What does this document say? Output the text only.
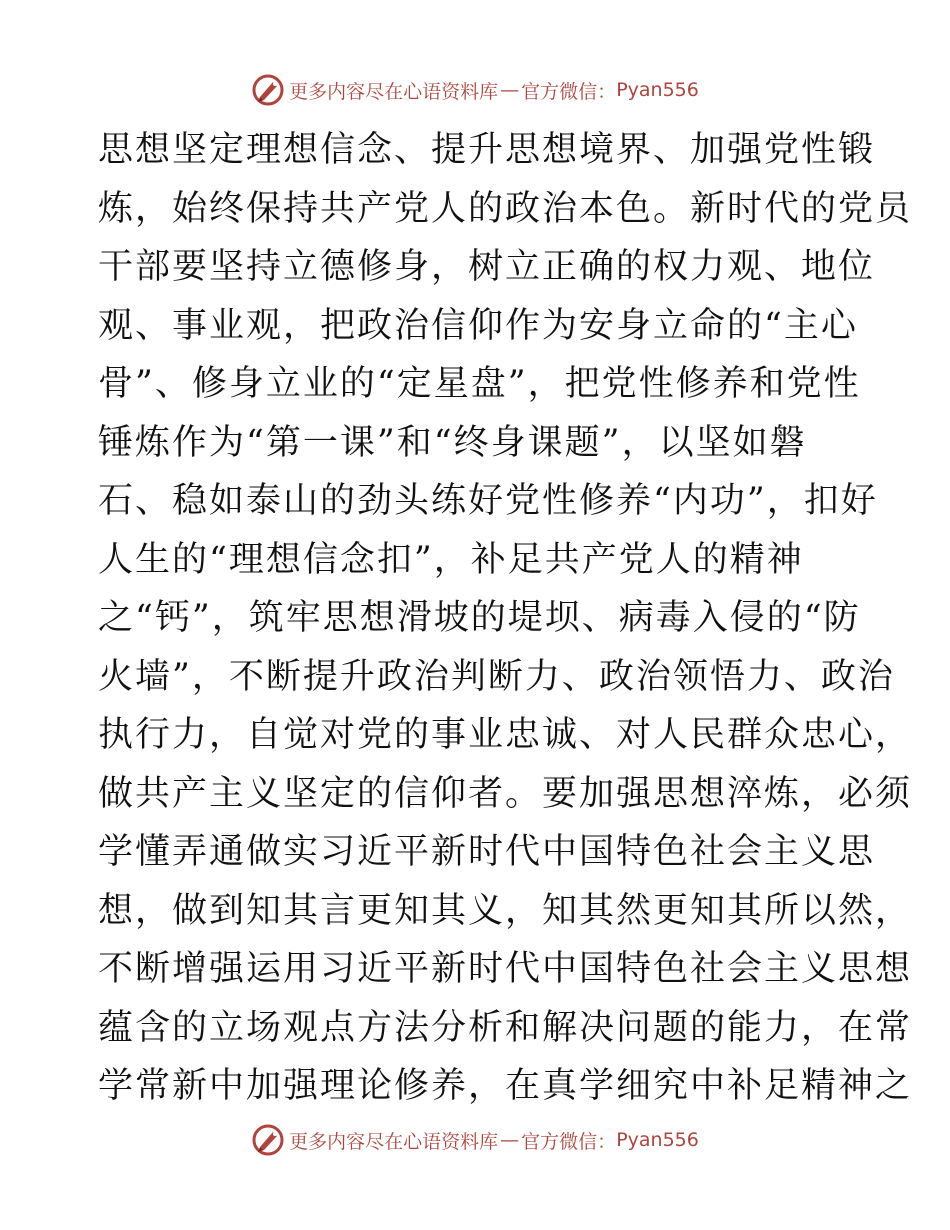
更多内容尽在心语资料库 — 官方微信： Pyan556
思想坚定理想信念、提升思想境界、加强党性锻
炼，始终保持共产党人的政治本色。新时代的党员
干部要坚持立德修身，树立正确的权力观、地位
观、事业观，把政治信仰作为安身立命的“主心
骨”、修身立业的“定星盘”，把党性修养和党性
锤炼作为“第一课”和“终身课题”，以坚如磐
石、稳如泰山的劲头练好党性修养“内功”，扣好
人生的“理想信念扣”，补足共产党人的精神
之“钙”，筑牢思想滑坡的堤坝、病毒入侵的“防
火墙”，不断提升政治判断力、政治领悟力、政治
执行力，自觉对党的事业忠诚、对人民群众忠心，
做共产主义坚定的信仰者。要加强思想淬炼，必须
学懂弄通做实习近平新时代中国特色社会主义思
想，做到知其言更知其义，知其然更知其所以然，
不断增强运用习近平新时代中国特色社会主义思想
蕴含的立场观点方法分析和解决问题的能力，在常
学常新中加强理论修养，在真学细究中补足精神之
更多内容尽在心语资料库 — 官方微信： Pyan556
